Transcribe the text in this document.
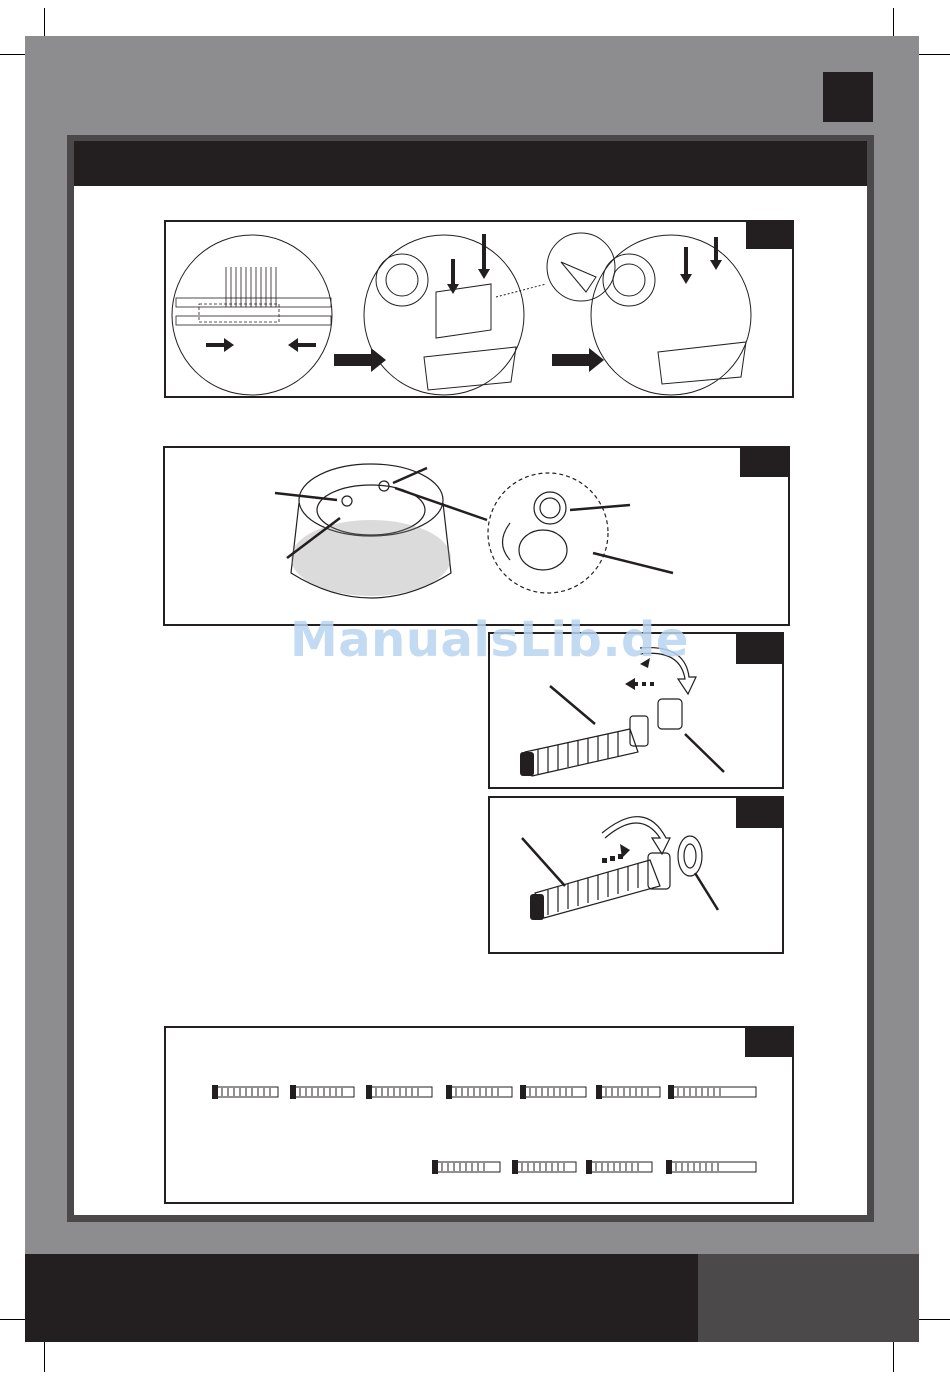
ManualsLib.de
